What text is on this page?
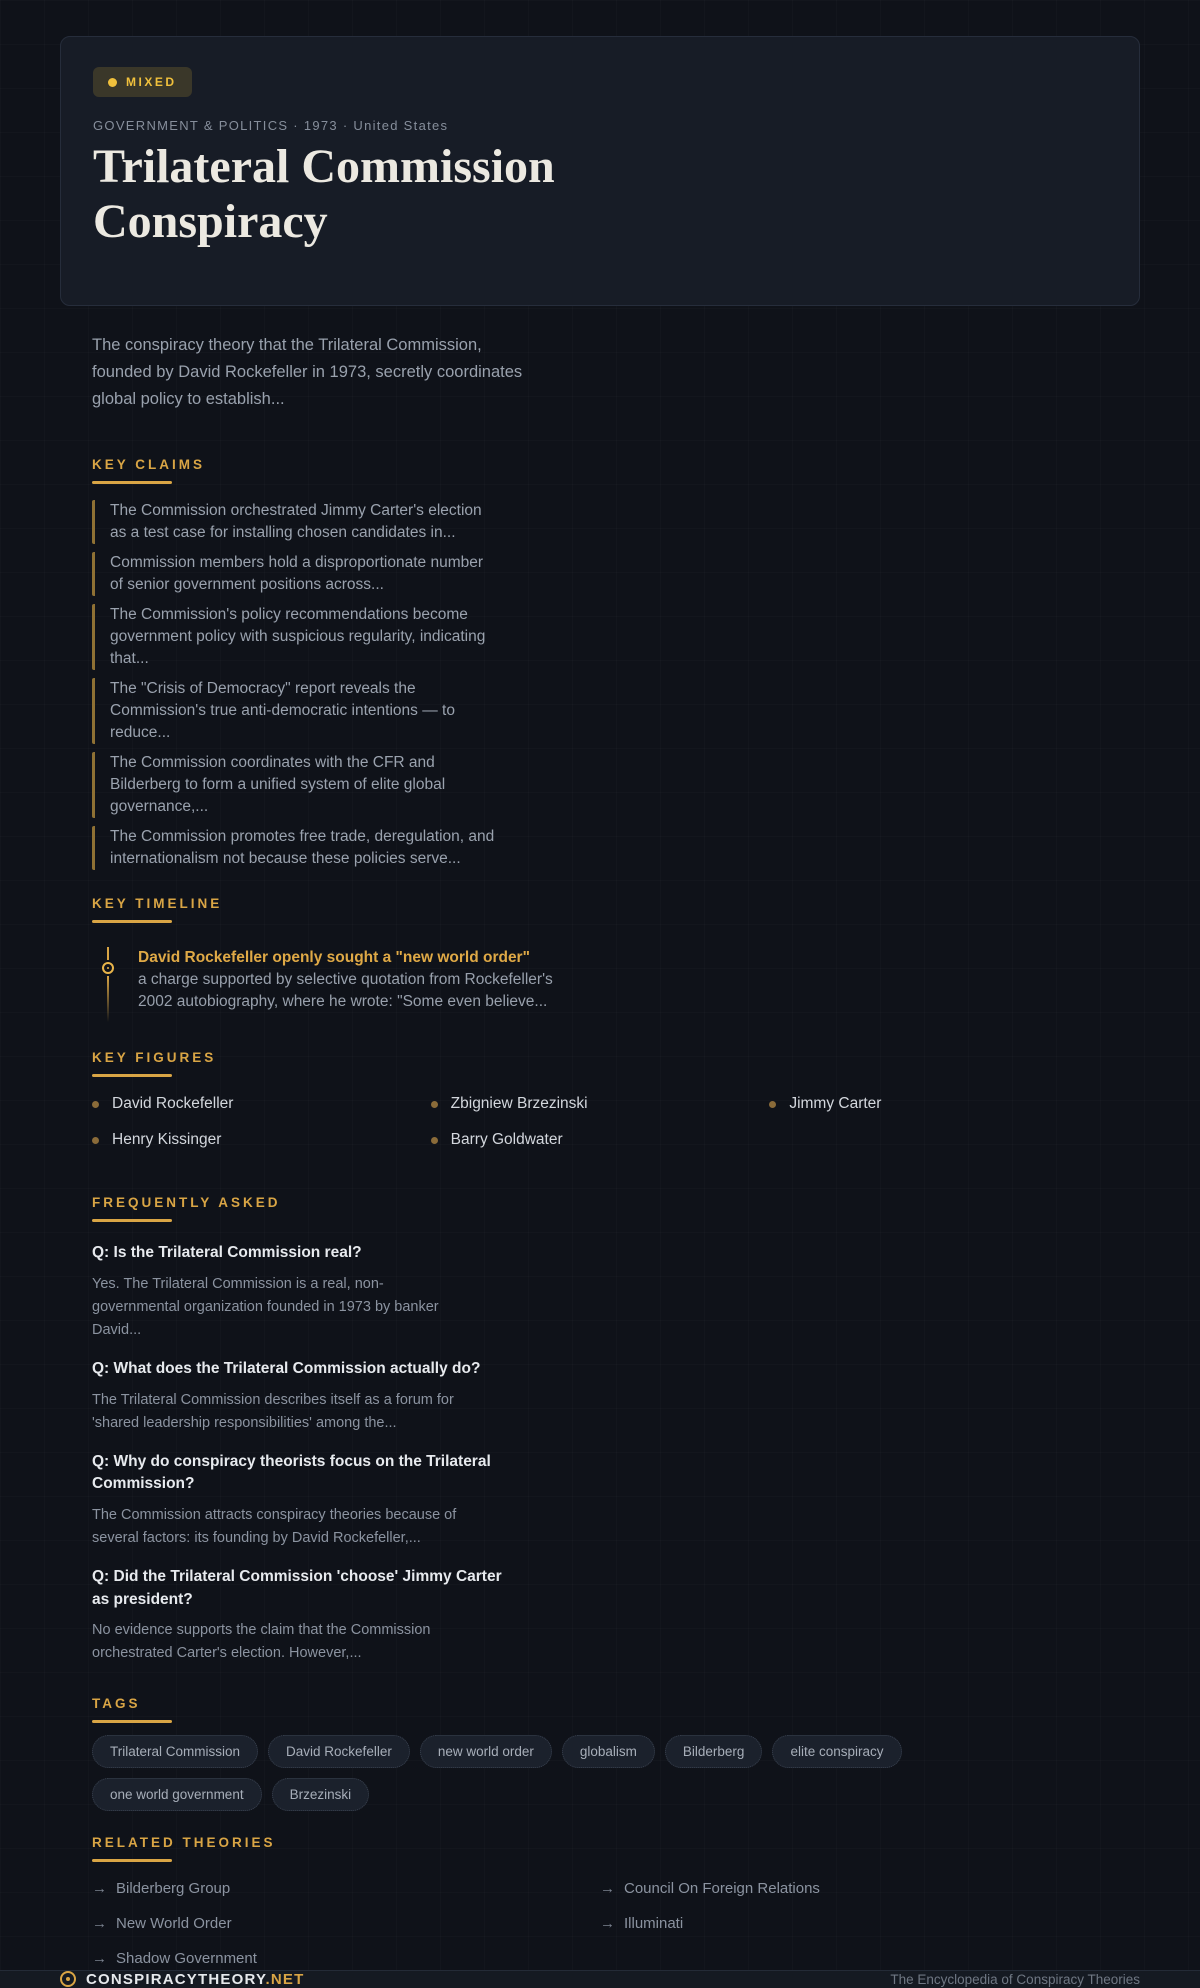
MIXED
GOVERNMENT & POLITICS · 1973 · United States
Trilateral Commission
Conspiracy

The conspiracy theory that the Trilateral Commission, founded by David Rockefeller in 1973, secretly coordinates global policy to establish...

KEY CLAIMS
The Commission orchestrated Jimmy Carter's election as a test case for installing chosen candidates in...
Commission members hold a disproportionate number of senior government positions across...
The Commission's policy recommendations become government policy with suspicious regularity, indicating that...
The "Crisis of Democracy" report reveals the Commission's true anti-democratic intentions — to reduce...
The Commission coordinates with the CFR and Bilderberg to form a unified system of elite global governance,...
The Commission promotes free trade, deregulation, and internationalism not because these policies serve...
KEY TIMELINE
David Rockefeller openly sought a "new world order"
a charge supported by selective quotation from Rockefeller's 2002 autobiography, where he wrote: "Some even believe...
KEY FIGURES
David Rockefeller	Zbigniew Brzezinski	Jimmy Carter
Henry Kissinger	Barry Goldwater
FREQUENTLY ASKED
Q: Is the Trilateral Commission real?
Yes. The Trilateral Commission is a real, non-governmental organization founded in 1973 by banker David...
Q: What does the Trilateral Commission actually do?
The Trilateral Commission describes itself as a forum for 'shared leadership responsibilities' among the...
Q: Why do conspiracy theorists focus on the Trilateral Commission?
The Commission attracts conspiracy theories because of several factors: its founding by David Rockefeller,...
Q: Did the Trilateral Commission 'choose' Jimmy Carter as president?
No evidence supports the claim that the Commission orchestrated Carter's election. However,...
TAGS
Trilateral Commission	David Rockefeller	new world order	globalism	Bilderberg	elite conspiracy
one world government	Brzezinski
RELATED THEORIES
→ Bilderberg Group	→ Council On Foreign Relations
→ New World Order	→ Illuminati
→ Shadow Government
CONSPIRACYTHEORY.NET	The Encyclopedia of Conspiracy Theories
